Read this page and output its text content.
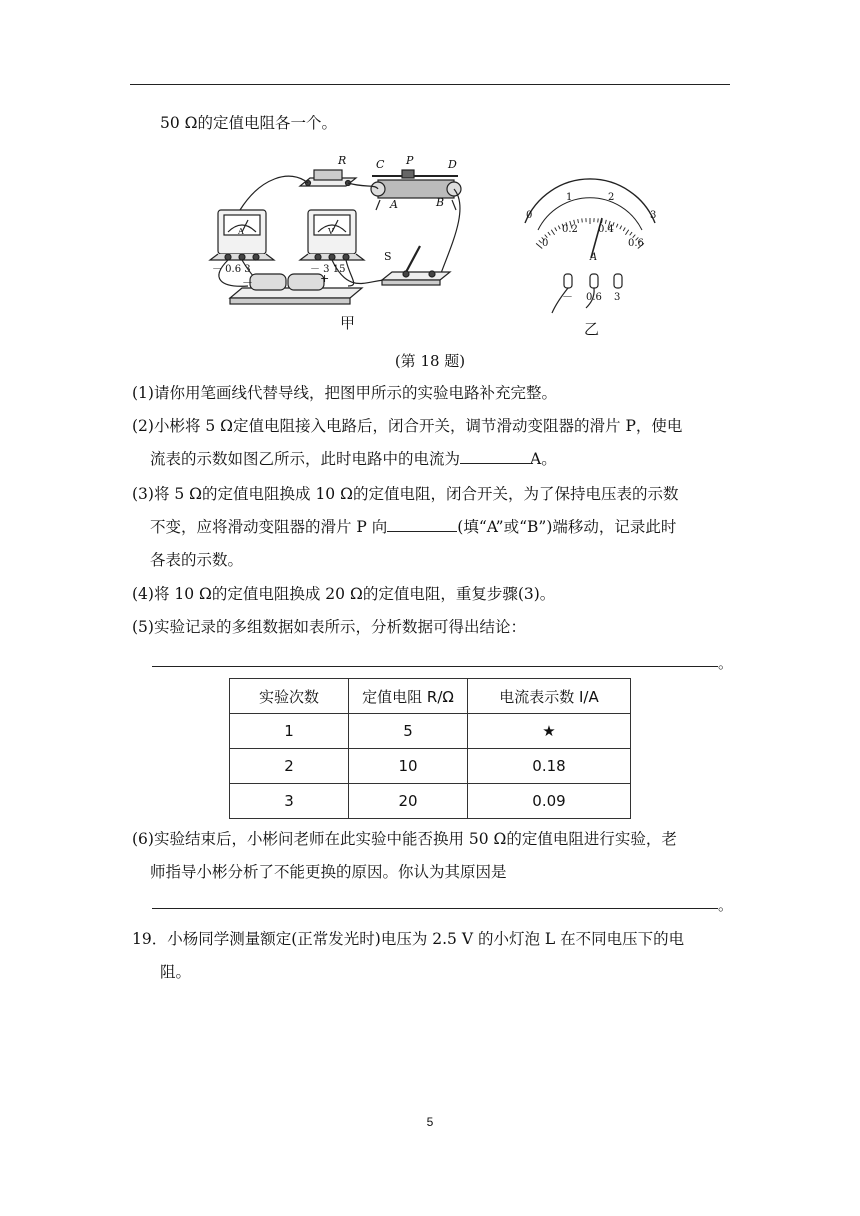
50 Ω的定值电阻各一个。
R	C P	D
A	B
A	V
－ 0.6 3	－ 3 15
S
－	+
甲	乙
0
1	2
3
0
0.2 0.4
0.6
A
－ 0.6 3
(第 18 题)
(1)请你用笔画线代替导线，把图甲所示的实验电路补充完整。
(2)小彬将 5 Ω定值电阻接入电路后，闭合开关，调节滑动变阻器的滑片 P，使电
流表的示数如图乙所示，此时电路中的电流为	A。
(3)将 5 Ω的定值电阻换成 10 Ω的定值电阻，闭合开关，为了保持电压表的示数
不变，应将滑动变阻器的滑片 P 向	(填“A”或“B”)端移动，记录此时
各表的示数。
(4)将 10 Ω的定值电阻换成 20 Ω的定值电阻，重复步骤(3)。
(5)实验记录的多组数据如表所示，分析数据可得出结论：
。
实验次数	定值电阻 R/Ω	电流表示数 I/A
1	5	★
2	10	0.18
3	20	0.09
(6)实验结束后，小彬问老师在此实验中能否换用 50 Ω的定值电阻进行实验，老
师指导小彬分析了不能更换的原因。你认为其原因是
。
19．小杨同学测量额定(正常发光时)电压为 2.5 V 的小灯泡 L 在不同电压下的电
阻。
5
